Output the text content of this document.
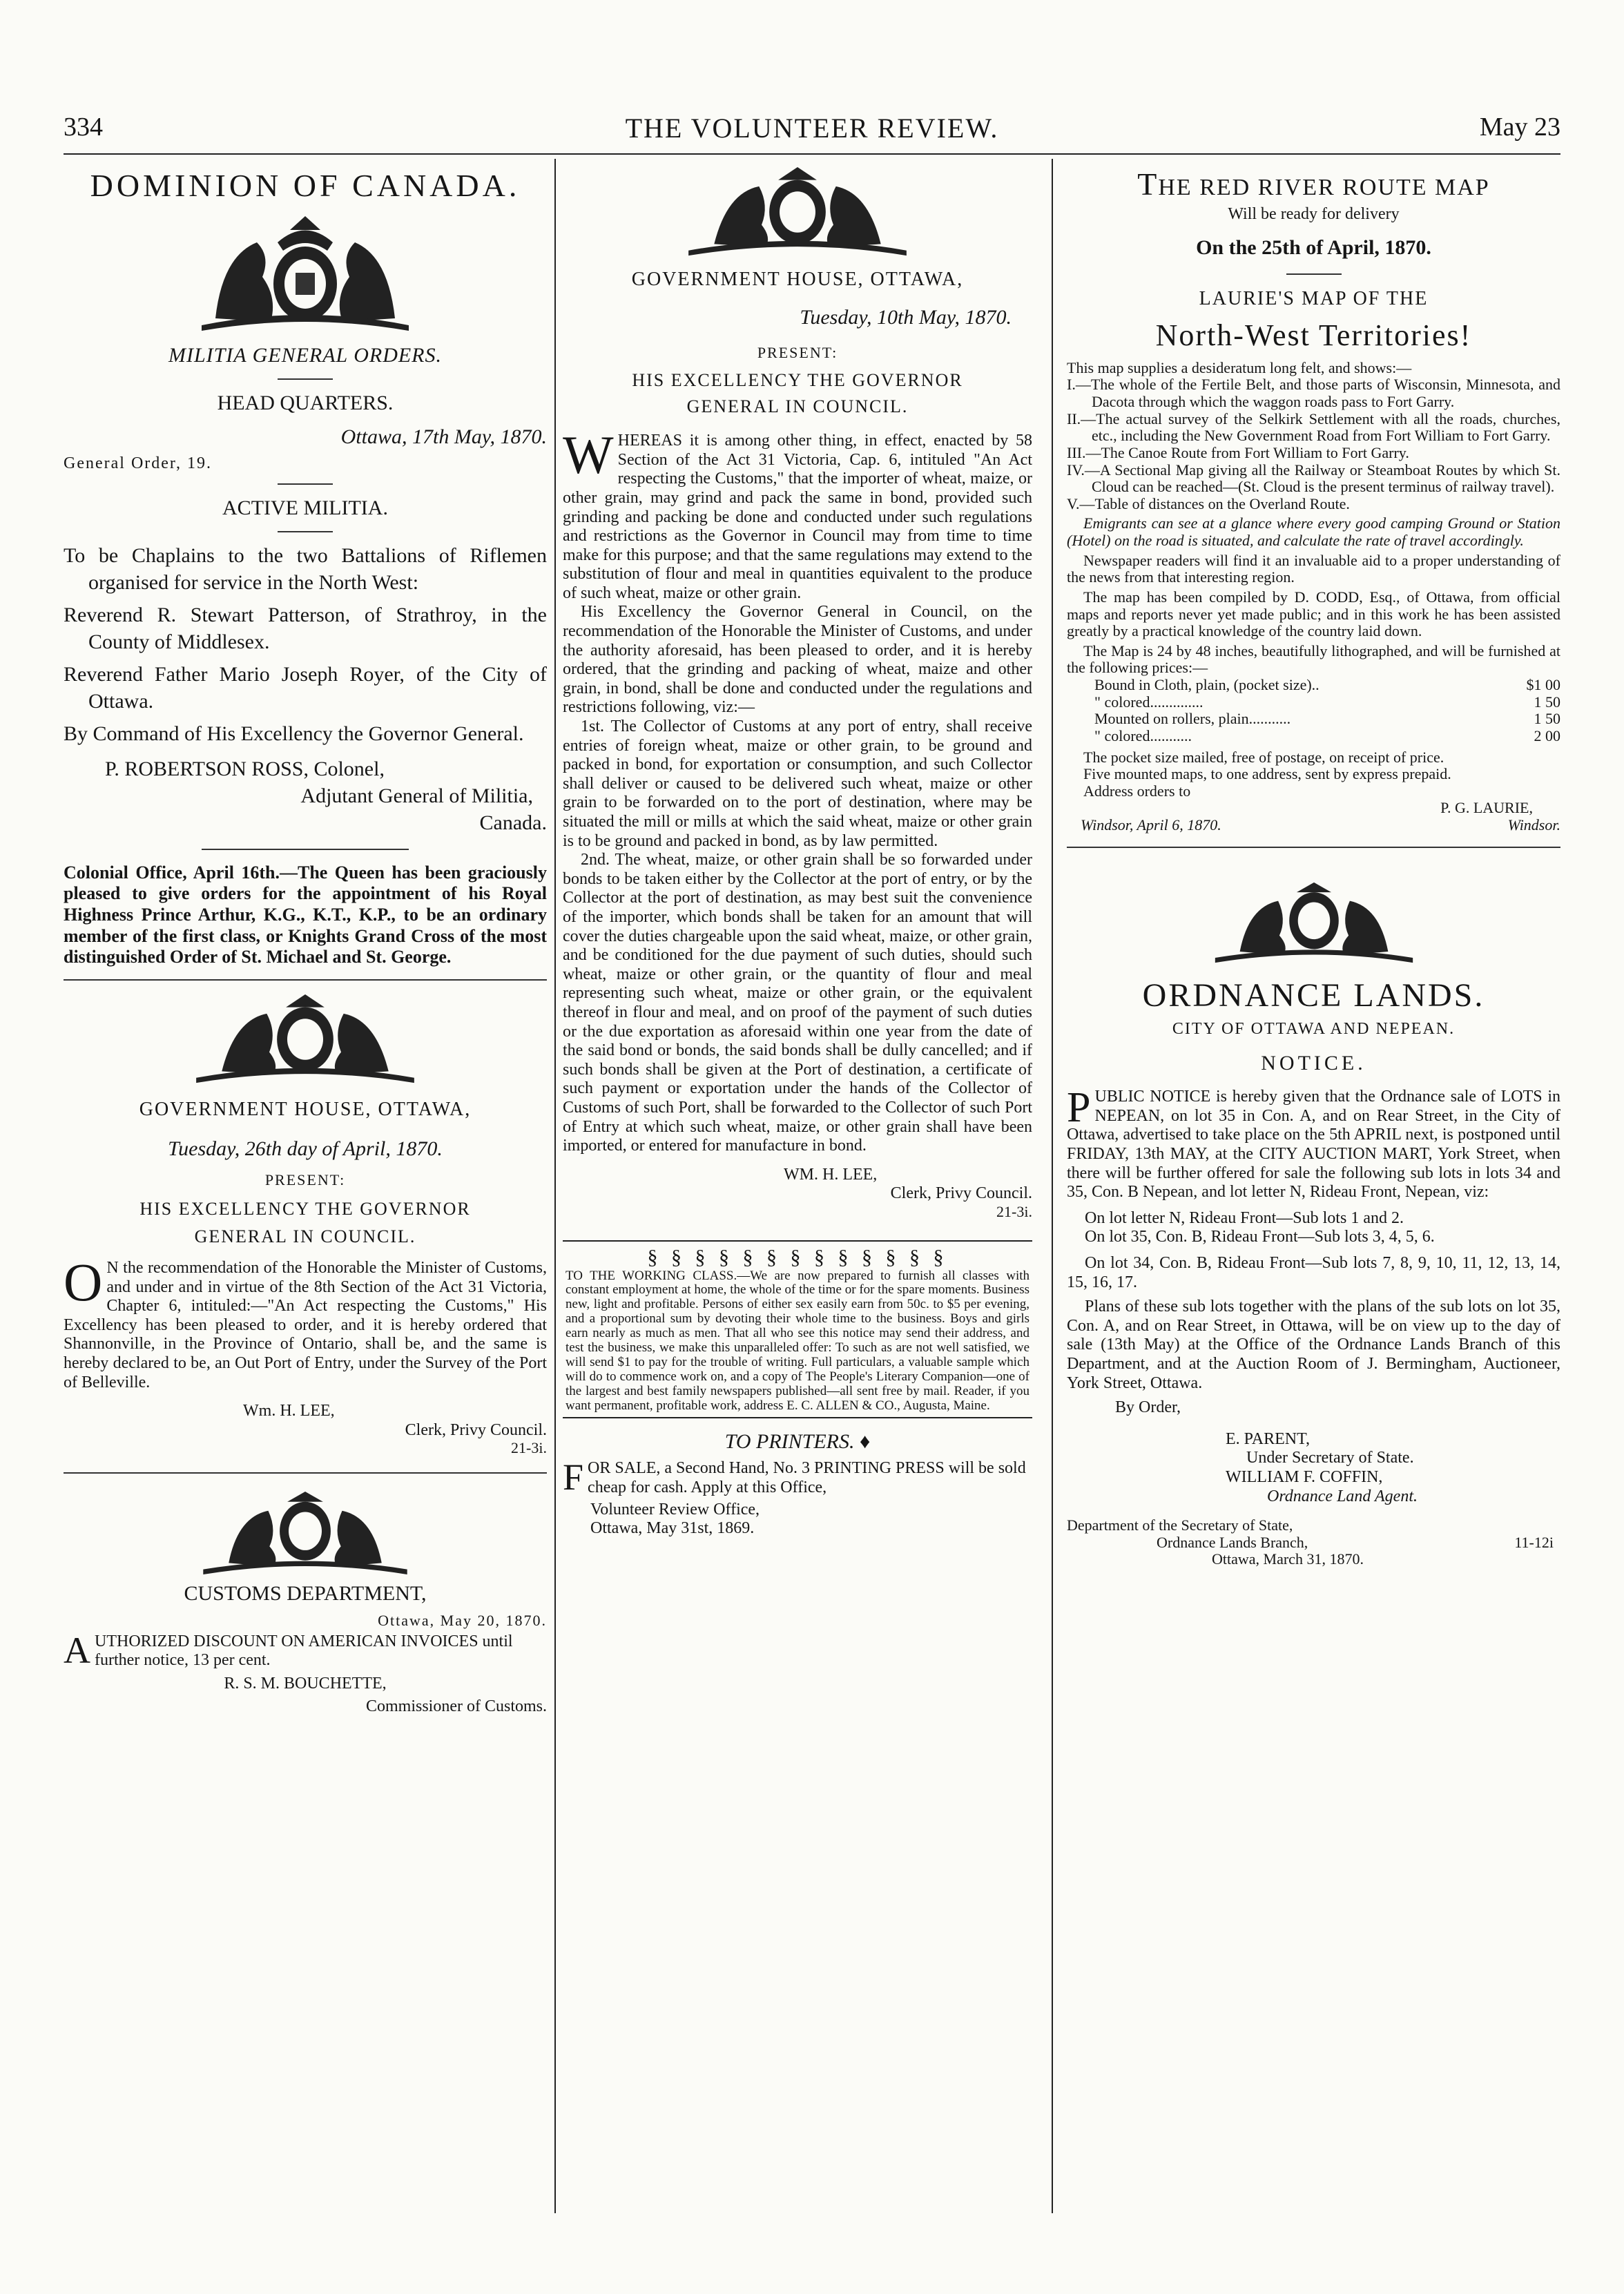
334	THE VOLUNTEER REVIEW.	May 23

DOMINION OF CANADA.

MILITIA GENERAL ORDERS.

HEAD QUARTERS.

Ottawa, 17th May, 1870.

General Order, 19.

ACTIVE MILITIA.

To be Chaplains to the two Battalions of Riflemen organised for service in the North West:

Reverend R. Stewart Patterson, of Strathroy, in the County of Middlesex.

Reverend Father Mario Joseph Royer, of the City of Ottawa.

By Command of His Excellency the Governor General.

P. ROBERTSON ROSS, Colonel,

Adjutant General of Militia,

Canada.

Colonial Office, April 16th.—The Queen has been graciously pleased to give orders for the appointment of his Royal Highness Prince Arthur, K.G., K.T., K.P., to be an ordinary member of the first class, or Knights Grand Cross of the most distinguished Order of St. Michael and St. George.

GOVERNMENT HOUSE, OTTAWA,

Tuesday, 26th day of April, 1870.

PRESENT:

HIS EXCELLENCY THE GOVERNOR

GENERAL IN COUNCIL.

O N the recommendation of the Honorable the Minister of Customs, and under and in virtue of the 8th Section of the Act 31 Victoria, Chapter 6, intituled:—"An Act respecting the Customs," His Excellency has been pleased to order, and it is hereby ordered that Shannonville, in the Province of Ontario, shall be, and the same is hereby declared to be, an Out Port of Entry, under the Survey of the Port of Belleville.

Wm. H. LEE,

Clerk, Privy Council.

21-3i.

CUSTOMS DEPARTMENT,

Ottawa, May 20, 1870.

A UTHORIZED DISCOUNT ON AMERICAN INVOICES until further notice, 13 per cent.

R. S. M. BOUCHETTE,

Commissioner of Customs.

GOVERNMENT HOUSE, OTTAWA,

Tuesday, 10th May, 1870.

PRESENT:

HIS EXCELLENCY THE GOVERNOR

GENERAL IN COUNCIL.

W HEREAS it is among other thing, in effect, enacted by 58 Section of the Act 31 Victoria, Cap. 6, intituled "An Act respecting the Customs," that the importer of wheat, maize, or other grain, may grind and pack the same in bond, provided such grinding and packing be done and conducted under such regulations and restrictions as the Governor in Council may from time to time make for this purpose; and that the same regulations may extend to the substitution of flour and meal in quantities equivalent to the produce of such wheat, maize or other grain.

His Excellency the Governor General in Council, on the recommendation of the Honorable the Minister of Customs, and under the authority aforesaid, has been pleased to order, and it is hereby ordered, that the grinding and packing of wheat, maize and other grain, in bond, shall be done and conducted under the regulations and restrictions following, viz:—

1st. The Collector of Customs at any port of entry, shall receive entries of foreign wheat, maize or other grain, to be ground and packed in bond, for exportation or consumption, and such Collector shall deliver or caused to be delivered such wheat, maize or other grain to be forwarded on to the port of destination, where may be situated the mill or mills at which the said wheat, maize or other grain is to be ground and packed in bond, as by law permitted.

2nd. The wheat, maize, or other grain shall be so forwarded under bonds to be taken either by the Collector at the port of entry, or by the Collector at the port of destination, as may best suit the convenience of the importer, which bonds shall be taken for an amount that will cover the duties chargeable upon the said wheat, maize, or other grain, and be conditioned for the due payment of such duties, should such wheat, maize or other grain, or the quantity of flour and meal representing such wheat, maize or other grain, or the equivalent thereof in flour and meal, and on proof of the payment of such duties or the due exportation as aforesaid within one year from the date of the said bond or bonds, the said bonds shall be dully cancelled; and if such bonds shall be given at the Port of destination, a certificate of such payment or exportation under the hands of the Collector of Customs of such Port, shall be forwarded to the Collector of such Port of Entry at which such wheat, maize, or other grain shall have been imported, or entered for manufacture in bond.

WM. H. LEE,

Clerk, Privy Council.

21-3i.

§ § § § § § § § § § § § §

TO THE WORKING CLASS.—We are now prepared to furnish all classes with constant employment at home, the whole of the time or for the spare moments. Business new, light and profitable. Persons of either sex easily earn from 50c. to $5 per evening, and a proportional sum by devoting their whole time to the business. Boys and girls earn nearly as much as men. That all who see this notice may send their address, and test the business, we make this unparalleled offer: To such as are not well satisfied, we will send $1 to pay for the trouble of writing. Full particulars, a valuable sample which will do to commence work on, and a copy of The People's Literary Companion—one of the largest and best family newspapers published—all sent free by mail. Reader, if you want permanent, profitable work, address E. C. ALLEN & CO., Augusta, Maine.

TO PRINTERS. ♦

F OR SALE, a Second Hand, No. 3 PRINTING PRESS will be sold cheap for cash. Apply at this Office,

Volunteer Review Office,

Ottawa, May 31st, 1869.

THE RED RIVER ROUTE MAP

Will be ready for delivery

On the 25th of April, 1870.

LAURIE'S MAP OF THE

North-West Territories!

This map supplies a desideratum long felt, and shows:—

I.—The whole of the Fertile Belt, and those parts of Wisconsin, Minnesota, and Dacota through which the waggon roads pass to Fort Garry.

II.—The actual survey of the Selkirk Settlement with all the roads, churches, etc., including the New Government Road from Fort William to Fort Garry.

III.—The Canoe Route from Fort William to Fort Garry.

IV.—A Sectional Map giving all the Railway or Steamboat Routes by which St. Cloud can be reached—(St. Cloud is the present terminus of railway travel).

V.—Table of distances on the Overland Route.

Emigrants can see at a glance where every good camping Ground or Station (Hotel) on the road is situated, and calculate the rate of travel accordingly.

Newspaper readers will find it an invaluable aid to a proper understanding of the news from that interesting region.

The map has been compiled by D. CODD, Esq., of Ottawa, from official maps and reports never yet made public; and in this work he has been assisted greatly by a practical knowledge of the country laid down.

The Map is 24 by 48 inches, beautifully lithographed, and will be furnished at the following prices:—

Bound in Cloth, plain, (pocket size)..	$1 00
" colored..............	1 50
Mounted on rollers, plain...........	1 50
" colored...........	2 00

The pocket size mailed, free of postage, on receipt of price.

Five mounted maps, to one address, sent by express prepaid.

Address orders to

P. G. LAURIE,

Windsor, April 6, 1870.	Windsor.

ORDNANCE LANDS.

CITY OF OTTAWA AND NEPEAN.

NOTICE.

P UBLIC NOTICE is hereby given that the Ordnance sale of LOTS in NEPEAN, on lot 35 in Con. A, and on Rear Street, in the City of Ottawa, advertised to take place on the 5th APRIL next, is postponed until FRIDAY, 13th MAY, at the CITY AUCTION MART, York Street, when there will be further offered for sale the following sub lots in lots 34 and 35, Con. B Nepean, and lot letter N, Rideau Front, Nepean, viz:

On lot letter N, Rideau Front—Sub lots 1 and 2.

On lot 35, Con. B, Rideau Front—Sub lots 3, 4, 5, 6.

On lot 34, Con. B, Rideau Front—Sub lots 7, 8, 9, 10, 11, 12, 13, 14, 15, 16, 17.

Plans of these sub lots together with the plans of the sub lots on lot 35, Con. A, and on Rear Street, in Ottawa, will be on view up to the day of sale (13th May) at the Office of the Ordnance Lands Branch of this Department, and at the Auction Room of J. Bermingham, Auctioneer, York Street, Ottawa.

By Order,

E. PARENT,

Under Secretary of State.

WILLIAM F. COFFIN,

Ordnance Land Agent.

Department of the Secretary of State,

Ordnance Lands Branch,

Ottawa, March 31, 1870.

11-12i
